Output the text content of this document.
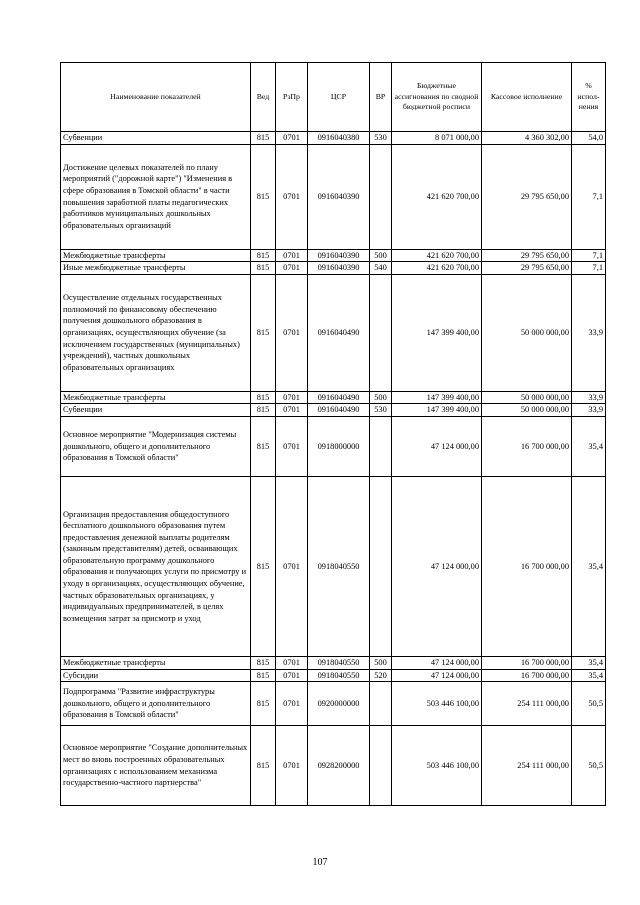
Наименование показателей	Вед	РзПр	ЦСР	ВР	Бюджетные ассигнования по сводной бюджетной росписи	Кассовое исполнение	% испол-нения
Субвенции	815	0701	0916040380	530	8 071 000,00	4 360 302,00	54,0
Достижение целевых показателей по плану мероприятий ("дорожной карте") "Изменения в сфере образования в Томской области" в части повышения заработной платы педагогических работников муниципальных дошкольных образовательных организаций	815	0701	0916040390		421 620 700,00	29 795 650,00	7,1
Межбюджетные трансферты	815	0701	0916040390	500	421 620 700,00	29 795 650,00	7,1
Иные межбюджетные трансферты	815	0701	0916040390	540	421 620 700,00	29 795 650,00	7,1
Осуществление отдельных государственных полномочий по финансовому обеспечению получения дошкольного образования в организациях, осуществляющих обучение (за исключением государственных (муниципальных) учреждений), частных дошкольных образовательных организациях	815	0701	0916040490		147 399 400,00	50 000 000,00	33,9
Межбюджетные трансферты	815	0701	0916040490	500	147 399 400,00	50 000 000,00	33,9
Субвенции	815	0701	0916040490	530	147 399 400,00	50 000 000,00	33,9
Основное мероприятие "Модернизация системы дошкольного, общего и дополнительного образования в Томской области"	815	0701	0918000000		47 124 000,00	16 700 000,00	35,4
Организация предоставления общедоступного бесплатного дошкольного образования путем предоставления денежной выплаты родителям (законным представителям) детей, осваивающих образовательную программу дошкольного образования и получающих услуги по присмотру и уходу в организациях, осуществляющих обучение, частных образовательных организациях, у индивидуальных предпринимателей, в целях возмещения затрат за присмотр и уход	815	0701	0918040550		47 124 000,00	16 700 000,00	35,4
Межбюджетные трансферты	815	0701	0918040550	500	47 124 000,00	16 700 000,00	35,4
Субсидии	815	0701	0918040550	520	47 124 000,00	16 700 000,00	35,4
Подпрограмма "Развитие инфраструктуры дошкольного, общего и дополнительного образования в Томской области"	815	0701	0920000000		503 446 100,00	254 111 000,00	50,5
Основное мероприятие "Создание дополнительных мест во вновь построенных образовательных организациях с использованием механизма государственно-частного партнерства"	815	0701	0928200000		503 446 100,00	254 111 000,00	50,5
107
